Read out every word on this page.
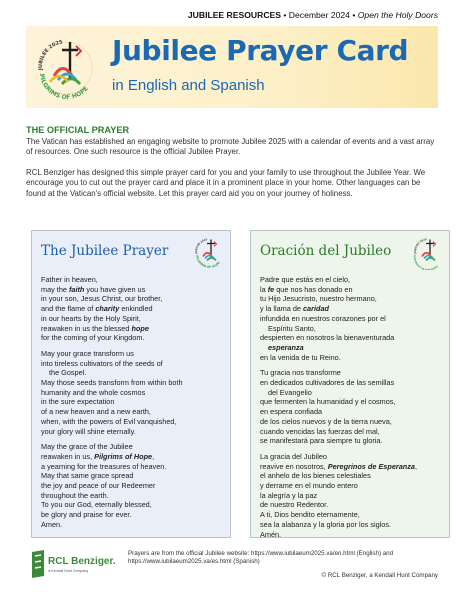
JUBILEE RESOURCES • December 2024 • Open the Holy Doors
JUBILEE 2025
PILGRIMS OF HOPE
Jubilee Prayer Card
in English and Spanish
THE OFFICIAL PRAYER
The Vatican has established an engaging website to promote Jubilee 2025 with a calendar of events and a vast array of resources. One such resource is the official Jubilee Prayer.
RCL Benziger has designed this simple prayer card for you and your family to use throughout the Jubilee Year. We encourage you to cut out the prayer card and place it in a prominent place in your home. Other languages can be found at the Vatican's official website. Let this prayer card aid you on your journey of holiness.
The Jubilee Prayer	JUBILEE 2025
PILGRIMS OF HOPE
Father in heaven,
may the faith you have given us
in your son, Jesus Christ, our brother,
and the flame of charity enkindled
in our hearts by the Holy Spirit,
reawaken in us the blessed hope
for the coming of your Kingdom.
May your grace transform us
into tireless cultivators of the seeds of
the Gospel.
May those seeds transform from within both
humanity and the whole cosmos
in the sure expectation
of a new heaven and a new earth,
when, with the powers of Evil vanquished,
your glory will shine eternally.
May the grace of the Jubilee
reawaken in us, Pilgrims of Hope,
a yearning for the treasures of heaven.
May that same grace spread
the joy and peace of our Redeemer
throughout the earth.
To you our God, eternally blessed,
be glory and praise for ever.
Amen.
Oración del Jubileo	JUBILEO 2025
PEREGRINOS DE E RANZA
Padre que estás en el cielo,
la fe que nos has donado en
tu Hijo Jesucristo, nuestro hermano,
y la llama de caridad
infundida en nuestros corazones por el
Espíritu Santo,
despierten en nosotros la bienaventurada
esperanza
en la venida de tu Reino.
Tu gracia nos transforme
en dedicados cultivadores de las semillas
del Evangelio
que fermenten la humanidad y el cosmos,
en espera confiada
de los cielos nuevos y de la tierra nueva,
cuando vencidas las fuerzas del mal,
se manifestará para siempre tu gloria.
La gracia del Jubileo
reavive en nosotros, Peregrinos de Esperanza,
el anhelo de los bienes celestiales
y derrame en el mundo entero
la alegría y la paz
de nuestro Redentor.
A ti, Dios bendito eternamente,
sea la alabanza y la gloria por los siglos.
Amén.
RCL Benziger.
A Kendall Hunt Company
Prayers are from the official Jubilee website: https://www.iubilaeum2025.va/en.html (English) and https://www.iubilaeum2025.va/es.html (Spanish)
© RCL Benziger, a Kendall Hunt Company
